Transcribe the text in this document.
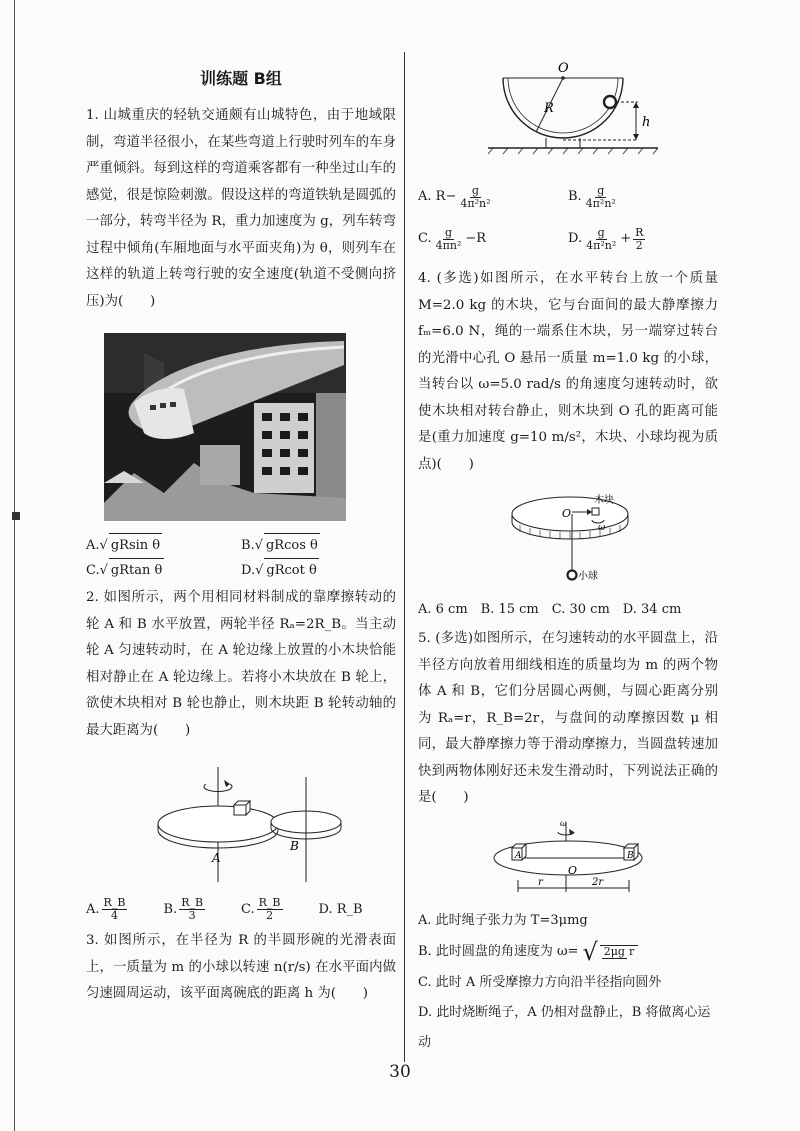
训练题 B组

1. 山城重庆的轻轨交通颇有山城特色，由于地域限制，弯道半径很小，在某些弯道上行驶时列车的车身严重倾斜。每到这样的弯道乘客都有一种坐过山车的感觉，很是惊险刺激。假设这样的弯道铁轨是圆弧的一部分，转弯半径为 R，重力加速度为 g，列车转弯过程中倾角(车厢地面与水平面夹角)为 θ，则列车在这样的轨道上转弯行驶的安全速度(轨道不受侧向挤压)为(　　)

A. √ gRsin θ	B. √ gRcos θ
C. √ gRtan θ	D. √ gRcot θ

2. 如图所示，两个用相同材料制成的靠摩擦转动的轮 A 和 B 水平放置，两轮半径 Rₐ=2R_B。当主动轮 A 匀速转动时，在 A 轮边缘上放置的小木块恰能相对静止在 A 轮边缘上。若将小木块放在 B 轮上，欲使木块相对 B 轮也静止，则木块距 B 轮转动轴的最大距离为(　　)

A
B
A. $\frac{R\_B}{4}$	B. $\frac{R\_B}{3}$	C. $\frac{R\_B}{2}$	D. R_B

3. 如图所示，在半径为 R 的半圆形碗的光滑表面上，一质量为 m 的小球以转速 n(r/s) 在水平面内做匀速圆周运动，该平面离碗底的距离 h 为(　　)

O
R
h
A.
$R- \frac{g}{\text{4π²n²}}$	B. $\frac{g}{\text{4π²n²}}$
C. $\frac{g}{\text{4πn²}} -R$	D. $\frac{g}{\text{4π²n²}} + \frac{R}{2}$

4. (多选)如图所示，在水平转台上放一个质量 M=2.0 kg 的木块，它与台面间的最大静摩擦力 fₘ=6.0 N，绳的一端系住木块，另一端穿过转台的光滑中心孔 O 悬吊一质量 m=1.0 kg 的小球，当转台以 ω=5.0 rad/s 的角速度匀速转动时，欲使木块相对转台静止，则木块到 O 孔的距离可能是(重力加速度 g=10 m/s²，木块、小球均视为质点)(　　)

O
木块
ω
小球
A. 6 cm　B. 15 cm　C. 30 cm　D. 34 cm

5. (多选)如图所示，在匀速转动的水平圆盘上，沿半径方向放着用细线相连的质量均为 m 的两个物体 A 和 B，它们分居圆心两侧，与圆心距离分别为 Rₐ=r，R_B=2r，与盘间的动摩擦因数 μ 相同，最大静摩擦力等于滑动摩擦力，当圆盘转速加快到两物体刚好还未发生滑动时，下列说法正确的是(　　)

A	B
O
r	2r
ω
A. 此时绳子张力为 T=3μmg
B. 此时圆盘的角速度为 ω= √ 2μg r
C. 此时 A 所受摩擦力方向沿半径指向圆外
D. 此时烧断绳子，A 仍相对盘静止，B 将做离心运动
30
